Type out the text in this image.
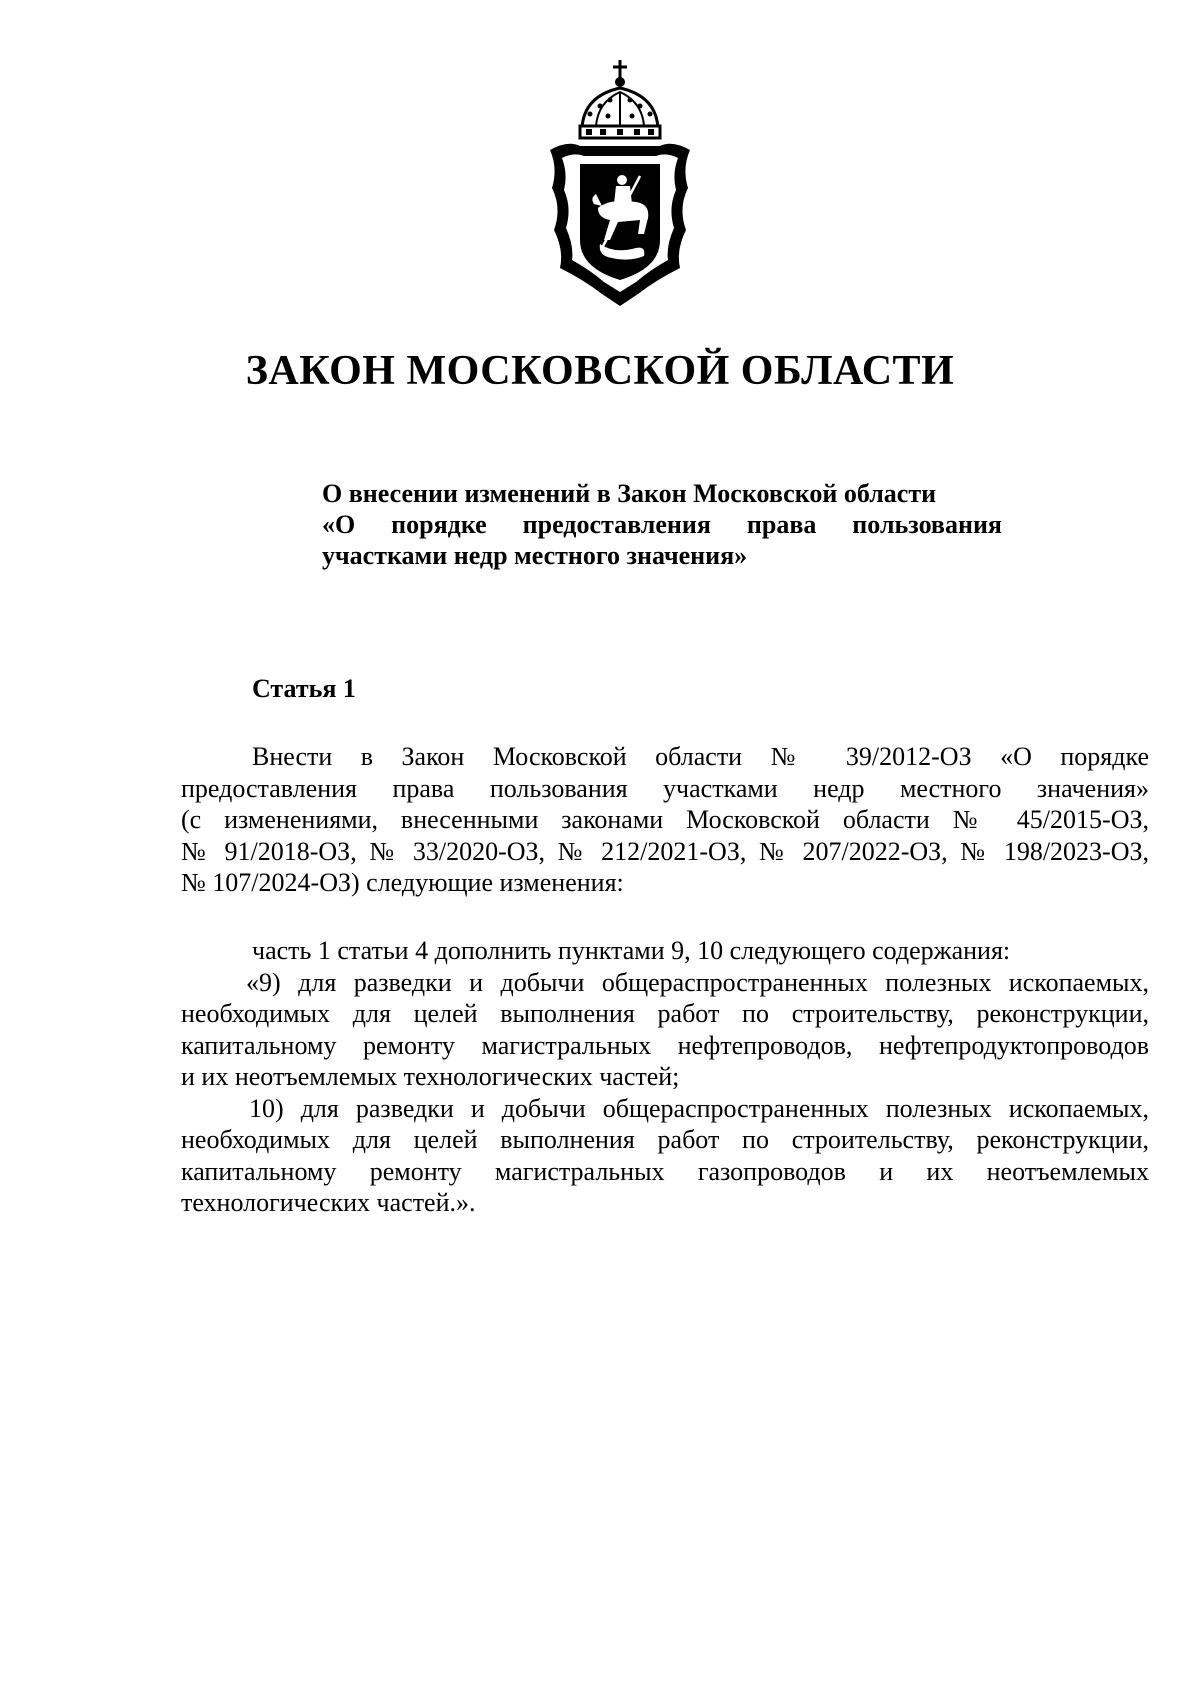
ЗАКОН МОСКОВСКОЙ ОБЛАСТИ

О внесении изменений в Закон Московской области
«О порядке предоставления права пользования
участками недр местного значения»

Статья 1
Внести в Закон Московской области № 39/2012-ОЗ «О порядке
предоставления права пользования участками недр местного значения»
(с изменениями, внесенными законами Московской области № 45/2015-ОЗ,
№ 91/2018-ОЗ, № 33/2020-ОЗ, № 212/2021-ОЗ, № 207/2022-ОЗ, № 198/2023-ОЗ,
№ 107/2024-ОЗ) следующие изменения:
часть 1 статьи 4 дополнить пунктами 9, 10 следующего содержания:
«9) для разведки и добычи общераспространенных полезных ископаемых,
необходимых для целей выполнения работ по строительству, реконструкции,
капитальному ремонту магистральных нефтепроводов, нефтепродуктопроводов
и их неотъемлемых технологических частей;
10) для разведки и добычи общераспространенных полезных ископаемых,
необходимых для целей выполнения работ по строительству, реконструкции,
капитальному ремонту магистральных газопроводов и их неотъемлемых
технологических частей.».
